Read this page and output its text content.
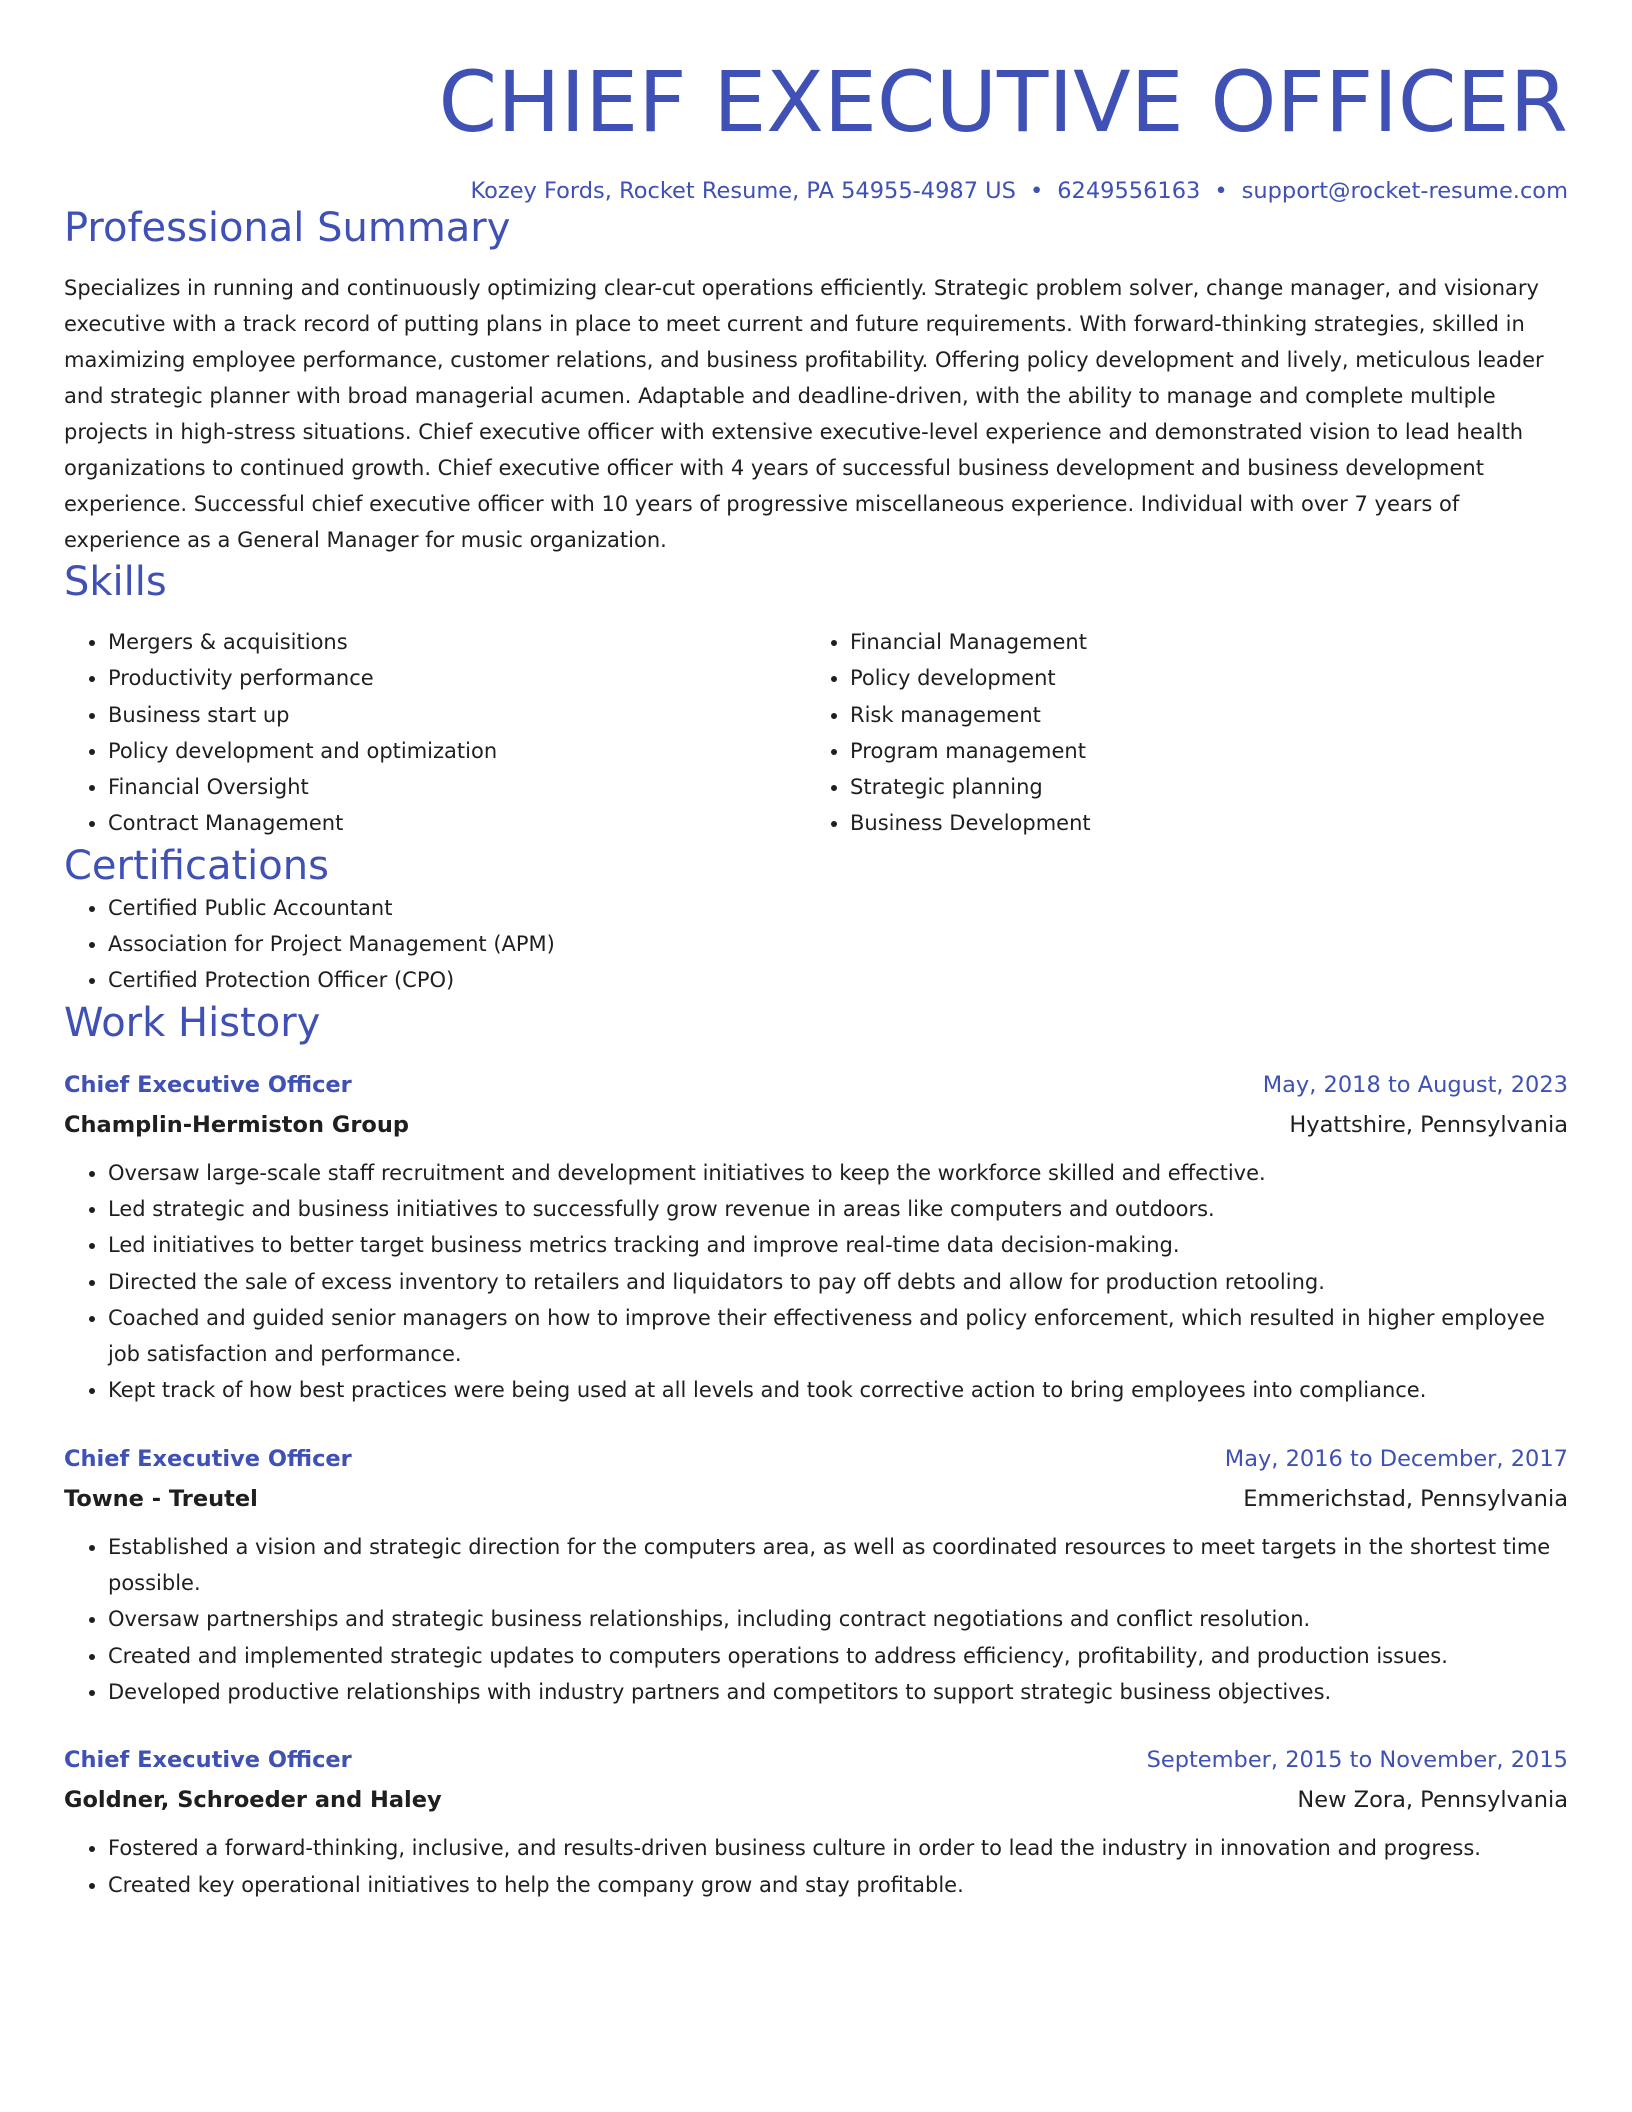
CHIEF EXECUTIVE OFFICER
Kozey Fords, Rocket Resume, PA 54955-4987 US • 6249556163 • support@rocket-resume.com
Professional Summary

Specializes in running and continuously optimizing clear-cut operations efficiently. Strategic problem solver, change manager, and visionary executive with a track record of putting plans in place to meet current and future requirements. With forward-thinking strategies, skilled in maximizing employee performance, customer relations, and business profitability. Offering policy development and lively, meticulous leader and strategic planner with broad managerial acumen. Adaptable and deadline-driven, with the ability to manage and complete multiple projects in high-stress situations. Chief executive officer with extensive executive-level experience and demonstrated vision to lead health organizations to continued growth. Chief executive officer with 4 years of successful business development and business development experience. Successful chief executive officer with 10 years of progressive miscellaneous experience. Individual with over 7 years of experience as a General Manager for music organization.

Skills
• Mergers & acquisitions
• Productivity performance
• Business start up
• Policy development and optimization
• Financial Oversight
• Contract Management
• Financial Management
• Policy development
• Risk management
• Program management
• Strategic planning
• Business Development
Certifications
• Certified Public Accountant
• Association for Project Management (APM)
• Certified Protection Officer (CPO)
Work History
Chief Executive Officer	May, 2018 to August, 2023
Champlin-Hermiston Group	Hyattshire, Pennsylvania
• Oversaw large-scale staff recruitment and development initiatives to keep the workforce skilled and effective.
• Led strategic and business initiatives to successfully grow revenue in areas like computers and outdoors.
• Led initiatives to better target business metrics tracking and improve real-time data decision-making.
• Directed the sale of excess inventory to retailers and liquidators to pay off debts and allow for production retooling.
• Coached and guided senior managers on how to improve their effectiveness and policy enforcement, which resulted in higher employee job satisfaction and performance.
• Kept track of how best practices were being used at all levels and took corrective action to bring employees into compliance.
Chief Executive Officer	May, 2016 to December, 2017
Towne - Treutel	Emmerichstad, Pennsylvania
• Established a vision and strategic direction for the computers area, as well as coordinated resources to meet targets in the shortest time possible.
• Oversaw partnerships and strategic business relationships, including contract negotiations and conflict resolution.
• Created and implemented strategic updates to computers operations to address efficiency, profitability, and production issues.
• Developed productive relationships with industry partners and competitors to support strategic business objectives.
Chief Executive Officer	September, 2015 to November, 2015
Goldner, Schroeder and Haley	New Zora, Pennsylvania
• Fostered a forward-thinking, inclusive, and results-driven business culture in order to lead the industry in innovation and progress.
• Created key operational initiatives to help the company grow and stay profitable.
